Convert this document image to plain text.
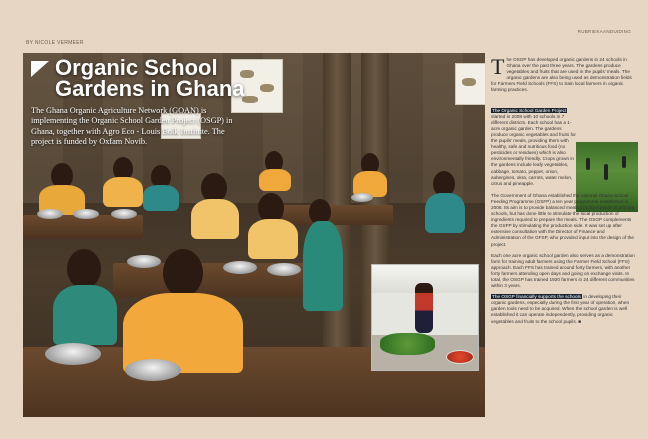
BY NICOLE VERMEER
RUBRIEKAANDUIDING
Organic School
Gardens in Ghana

The Ghana Organic Agriculture Network (GOAN) is implementing the Organic School Garden Project (OSGP) in Ghana, together with Agro Eco - Louis Bolk Institute. The project is funded by Oxfam Novib.

The OSGP has developed organic gardens in 24 schools in Ghana over the past three years. The gardens produce vegetables and fruits that are used in the pupils' meals. The organic gardens are also being used as demonstration fields for Farmers Field Schools (FFS) to train local farmers in organic farming practices.

The Organic School Garden Project started in 2008 with 10 schools in 7 different districts. Each school has a 1-acre organic garden. The gardens produce organic vegetables and fruits for the pupils' meals, providing them with healthy, safe and nutritious food (no pesticides or residues) which is also environmentally friendly. Crops grown in the gardens include leafy vegetables, cabbage, tomato, pepper, onion, aubergines, okra, carrots, water melon, citrus and pineapple.

The Government of Ghana established the national Ghana School Feeding Programme (GSFP) a ten year programme established in 2006. Its aim is to provide balanced meals to school pupils at primary schools, but has done little to stimulate the local production of ingredients required to prepare the meals. The OSGP complements the GSFP by stimulating the production side. It was set up after extensive consultation with the Director of Finance and Administration of the GFSP, who provided input into the design of the project.

Each one acre organic school garden also serves as a demonstration farm for training adult farmers using the Farmer Field School (FFS) approach. Each FFS has trained around forty farmers, with another forty farmers attending open days and going on exchange visits. In total, the OSGP has trained 1920 farmers in 24 different communities within 3 years.

The OSGP financially supports the schools in developing their organic gardens, especially during the first year of operation, when garden tools need to be acquired. When the school garden is well established it can operate independently, providing organic vegetables and fruits to the school pupils. ■
